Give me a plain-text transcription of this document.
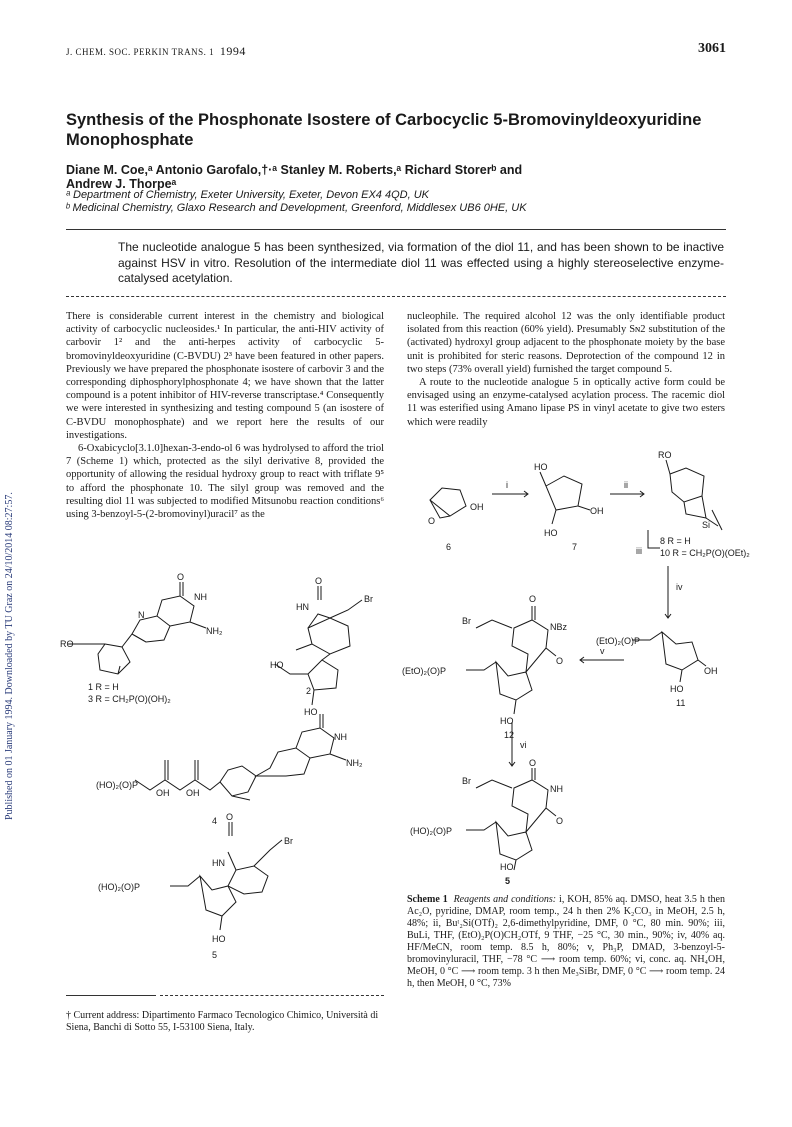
J. CHEM. SOC. PERKIN TRANS. 1 1994	3061
Published on 01 January 1994. Downloaded by TU Graz on 24/10/2014 08:27:57.
Synthesis of the Phosphonate Isostere of Carbocyclic 5-Bromovinyldeoxyuridine Monophosphate
Diane M. Coe,ᵃ Antonio Garofalo,†·ᵃ Stanley M. Roberts,ᵃ Richard Storerᵇ and
Andrew J. Thorpeᵃ
ᵃ Department of Chemistry, Exeter University, Exeter, Devon EX4 4QD, UK
ᵇ Medicinal Chemistry, Glaxo Research and Development, Greenford, Middlesex UB6 0HE, UK
The nucleotide analogue 5 has been synthesized, via formation of the diol 11, and has been shown to be inactive against HSV in vitro. Resolution of the intermediate diol 11 was effected using a highly stereoselective enzyme-catalysed acetylation.

There is considerable current interest in the chemistry and biological activity of carbocyclic nucleosides.¹ In particular, the anti-HIV activity of carbovir 1² and the anti-herpes activity of carbocyclic 5-bromovinyldeoxyuridine (C-BVDU) 2³ have been featured in other papers. Previously we have prepared the phosphonate isostere of carbovir 3 and the corresponding diphosphorylphosphonate 4; we have shown that the latter compound is a potent inhibitor of HIV-reverse transcriptase.⁴ Consequently we were interested in synthesizing and testing compound 5 (an isostere of C-BVDU monophosphate) and we report here the results of our investigations.

6-Oxabicyclo[3.1.0]hexan-3-endo-ol 6 was hydrolysed to afford the triol 7 (Scheme 1) which, protected as the silyl derivative 8, provided the opportunity of allowing the residual hydroxy group to react with triflate 9⁵ to afford the phosphonate 10. The silyl group was removed and the resulting diol 11 was subjected to modified Mitsunobu reaction conditions⁶ using 3-benzoyl-5-(2-bromovinyl)uracil⁷ as the

nucleophile. The required alcohol 12 was the only identifiable product isolated from this reaction (60% yield). Presumably Sɴ2 substitution of the (activated) hydroxyl group adjacent to the phosphonate moiety by the base unit is prohibited for steric reasons. Deprotection of the compound 12 in two steps (73% overall yield) furnished the target compound 5.

A route to the nucleotide analogue 5 in optically active form could be envisaged using an enzyme-catalysed acylation process. The racemic diol 11 was esterified using Amano lipase PS in vinyl acetate to give two esters which were readily

RO
NH
NH₂
O
N
1 R = H
3 R = CH₂P(O)(OH)₂
HN
O
Br
HO
HO
2
(HO)₂(O)P
OH OH
NH
NH₂
4
(HO)₂(O)P
HN
O
Br
HO
5
O
OH
6
i
HO
OH
HO
7
ii
RO
Si
iii
8 R = H
10 R = CH₂P(O)(OEt)₂
iv
(EtO)₂(O)P
OH
HO
11
v
Br
O
NBz
O
(EtO)₂(O)P
HO
12
vi
Br
O
NH
O
(HO)₂(O)P
HO
5
Scheme 1 Reagents and conditions: i, KOH, 85% aq. DMSO, heat 3.5 h then Ac₂O, pyridine, DMAP, room temp., 24 h then 2% K₂CO₃ in MeOH, 2.5 h, 48%; ii, Buᵗ₂Si(OTf)₂ 2,6-dimethylpyridine, DMF, 0 °C, 80 min. 90%; iii, BuLi, THF, (EtO)₂P(O)CH₂OTf, 9 THF, −25 °C, 30 min., 90%; iv, 40% aq. HF/MeCN, room temp. 8.5 h, 80%; v, Ph₃P, DMAD, 3-benzoyl-5-bromovinyluracil, THF, −78 °C ⟶ room temp. 60%; vi, conc. aq. NH₄OH, MeOH, 0 °C ⟶ room temp. 3 h then Me₃SiBr, DMF, 0 °C ⟶ room temp. 24 h, then MeOH, 0 °C, 73%
† Current address: Dipartimento Farmaco Tecnologico Chimico, Università di Siena, Banchi di Sotto 55, I-53100 Siena, Italy.
